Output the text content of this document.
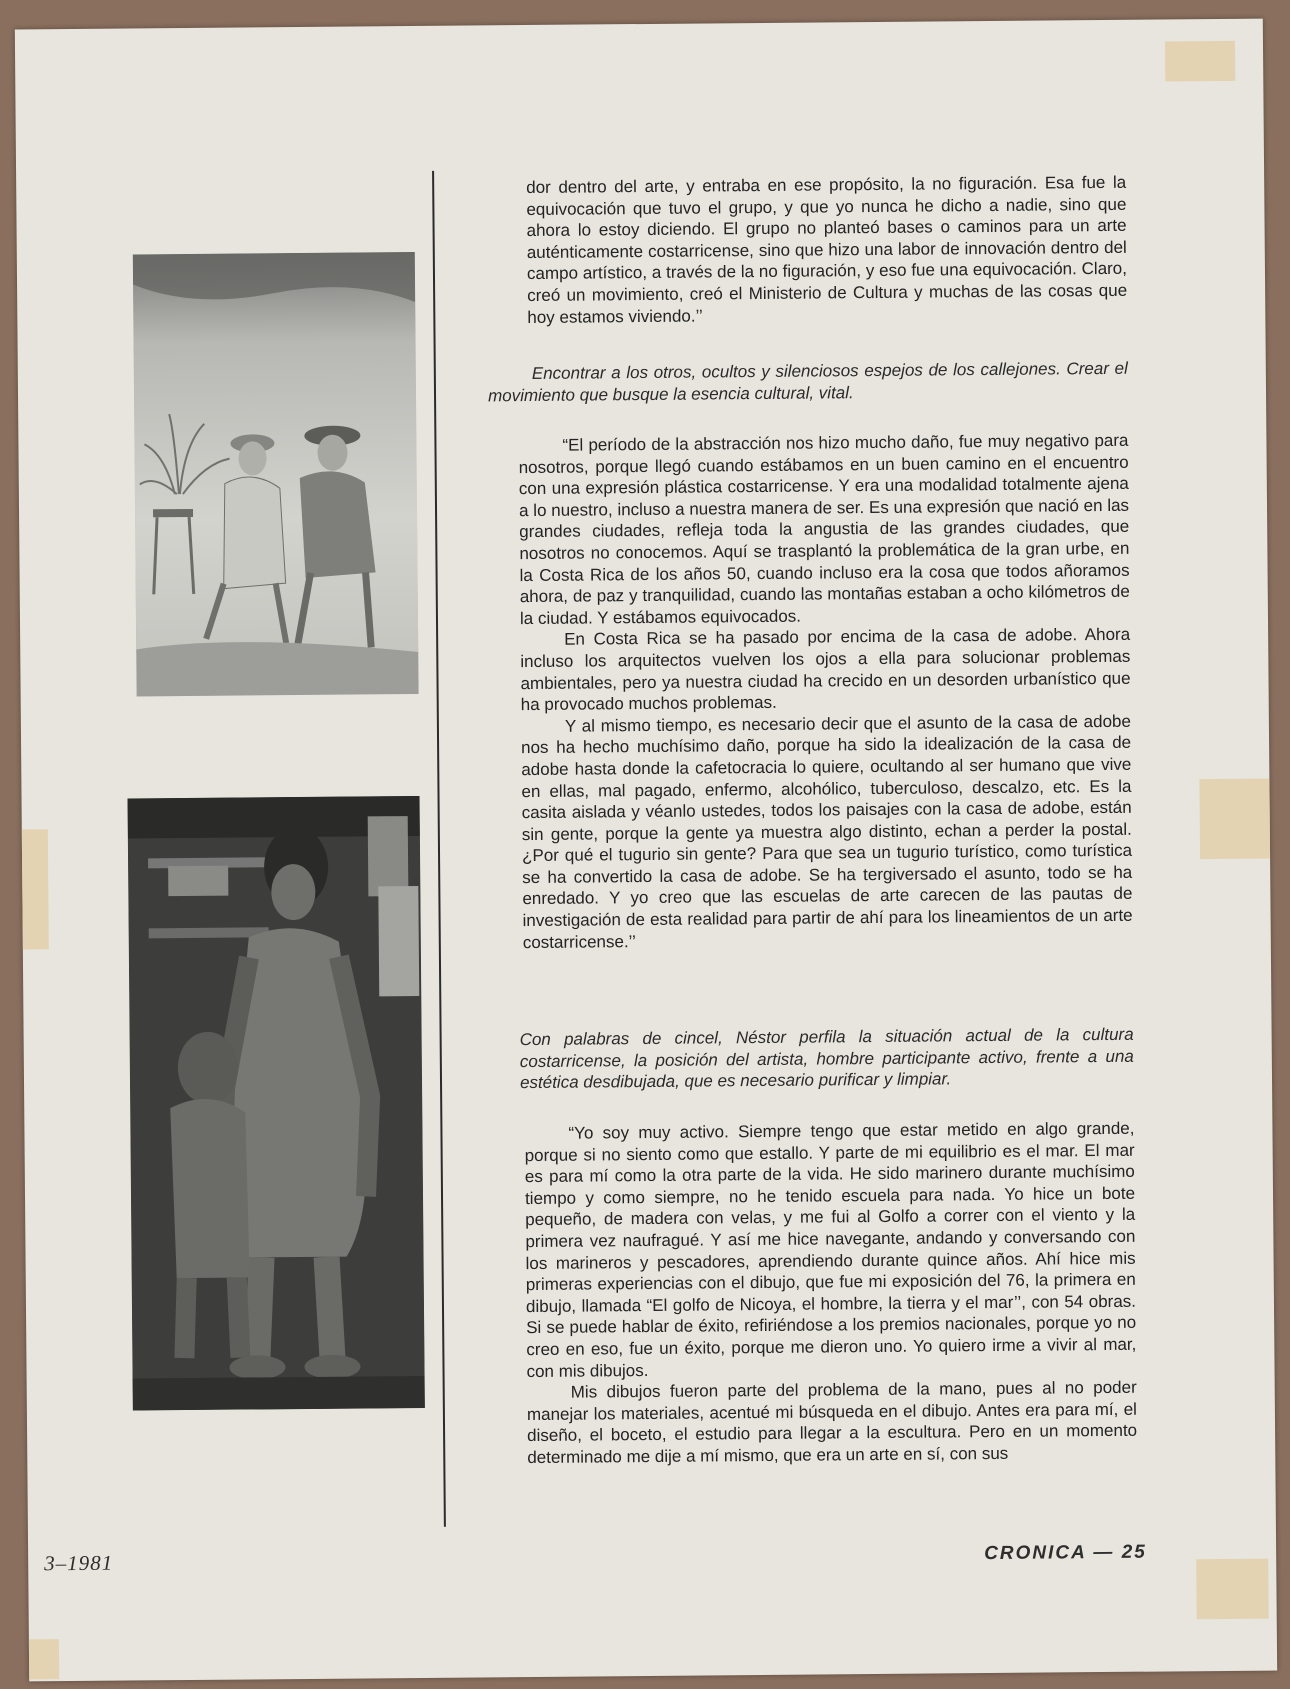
dor dentro del arte, y entraba en ese propósito, la no figuración. Esa fue la equivocación que tuvo el grupo, y que yo nunca he dicho a nadie, sino que ahora lo estoy diciendo. El grupo no planteó bases o caminos para un arte auténticamente costarricense, sino que hizo una labor de innovación dentro del campo artístico, a través de la no figuración, y eso fue una equivocación. Claro, creó un movimiento, creó el Ministerio de Cultura y muchas de las cosas que hoy estamos viviendo.’’

Encontrar a los otros, ocultos y silenciosos espejos de los callejones. Crear el movimiento que busque la esencia cultural, vital.

“El período de la abstracción nos hizo mucho daño, fue muy negativo para nosotros, porque llegó cuando estábamos en un buen camino en el encuentro con una expresión plástica costarricense. Y era una modalidad totalmente ajena a lo nuestro, incluso a nuestra manera de ser. Es una expresión que nació en las grandes ciudades, refleja toda la angustia de las grandes ciudades, que nosotros no conocemos. Aquí se trasplantó la problemática de la gran urbe, en la Costa Rica de los años 50, cuando incluso era la cosa que todos añoramos ahora, de paz y tranquilidad, cuando las montañas estaban a ocho kilómetros de la ciudad. Y estábamos equivocados.

En Costa Rica se ha pasado por encima de la casa de adobe. Ahora incluso los arquitectos vuelven los ojos a ella para solucionar problemas ambientales, pero ya nuestra ciudad ha crecido en un desorden urbanístico que ha provocado muchos problemas.

Y al mismo tiempo, es necesario decir que el asunto de la casa de adobe nos ha hecho muchísimo daño, porque ha sido la idealización de la casa de adobe hasta donde la cafetocracia lo quiere, ocultando al ser humano que vive en ellas, mal pagado, enfermo, alcohólico, tuberculoso, descalzo, etc. Es la casita aislada y véanlo ustedes, todos los paisajes con la casa de adobe, están sin gente, porque la gente ya muestra algo distinto, echan a perder la postal. ¿Por qué el tugurio sin gente? Para que sea un tugurio turístico, como turística se ha convertido la casa de adobe. Se ha tergiversado el asunto, todo se ha enredado. Y yo creo que las escuelas de arte carecen de las pautas de investigación de esta realidad para partir de ahí para los lineamientos de un arte costarricense.’’

Con palabras de cincel, Néstor perfila la situación actual de la cultura costarricense, la posición del artista, hombre participante activo, frente a una estética desdibujada, que es necesario purificar y limpiar.

“Yo soy muy activo. Siempre tengo que estar metido en algo grande, porque si no siento como que estallo. Y parte de mi equilibrio es el mar. El mar es para mí como la otra parte de la vida. He sido marinero durante muchísimo tiempo y como siempre, no he tenido escuela para nada. Yo hice un bote pequeño, de madera con velas, y me fui al Golfo a correr con el viento y la primera vez naufragué. Y así me hice navegante, andando y conversando con los marineros y pescadores, aprendiendo durante quince años. Ahí hice mis primeras experiencias con el dibujo, que fue mi exposición del 76, la primera en dibujo, llamada “El golfo de Nicoya, el hombre, la tierra y el mar’’, con 54 obras. Si se puede hablar de éxito, refiriéndose a los premios nacionales, porque yo no creo en eso, fue un éxito, porque me dieron uno. Yo quiero irme a vivir al mar, con mis dibujos.

Mis dibujos fueron parte del problema de la mano, pues al no poder manejar los materiales, acentué mi búsqueda en el dibujo. Antes era para mí, el diseño, el boceto, el estudio para llegar a la escultura. Pero en un momento determinado me dije a mí mismo, que era un arte en sí, con sus

3–1981	CRONICA — 25
